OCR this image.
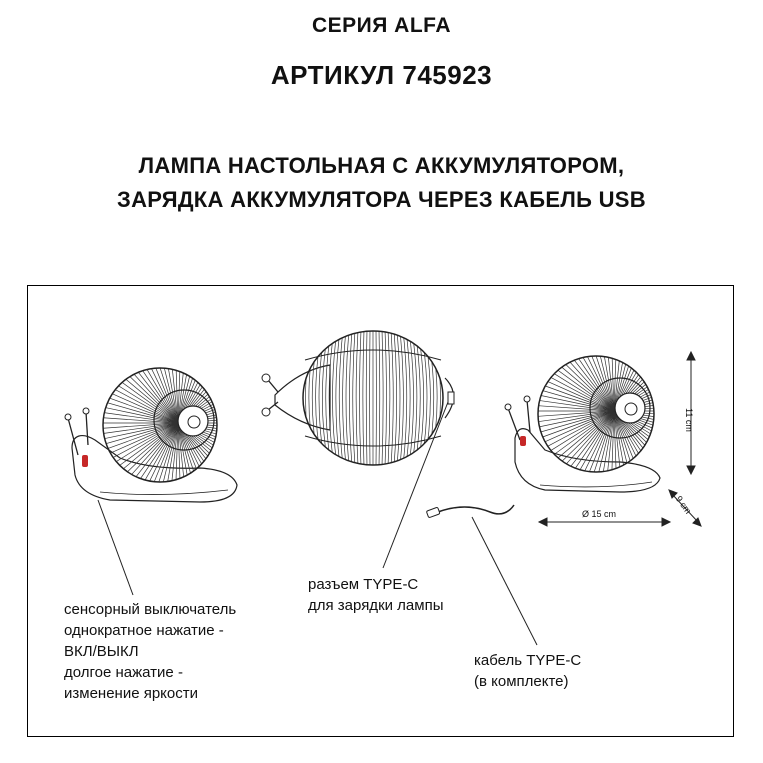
СЕРИЯ ALFA
АРТИКУЛ 745923
ЛАМПА НАСТОЛЬНАЯ С АККУМУЛЯТОРОМ,
ЗАРЯДКА АККУМУЛЯТОРА ЧЕРЕЗ КАБЕЛЬ USB
сенсорный выключатель
однократное нажатие -
ВКЛ/ВЫКЛ
долгое нажатие -
изменение яркости
разъем TYPE-C
для зарядки лампы
кабель TYPE-C
(в комплекте)
11 cm
9 cm
Ø 15 cm
